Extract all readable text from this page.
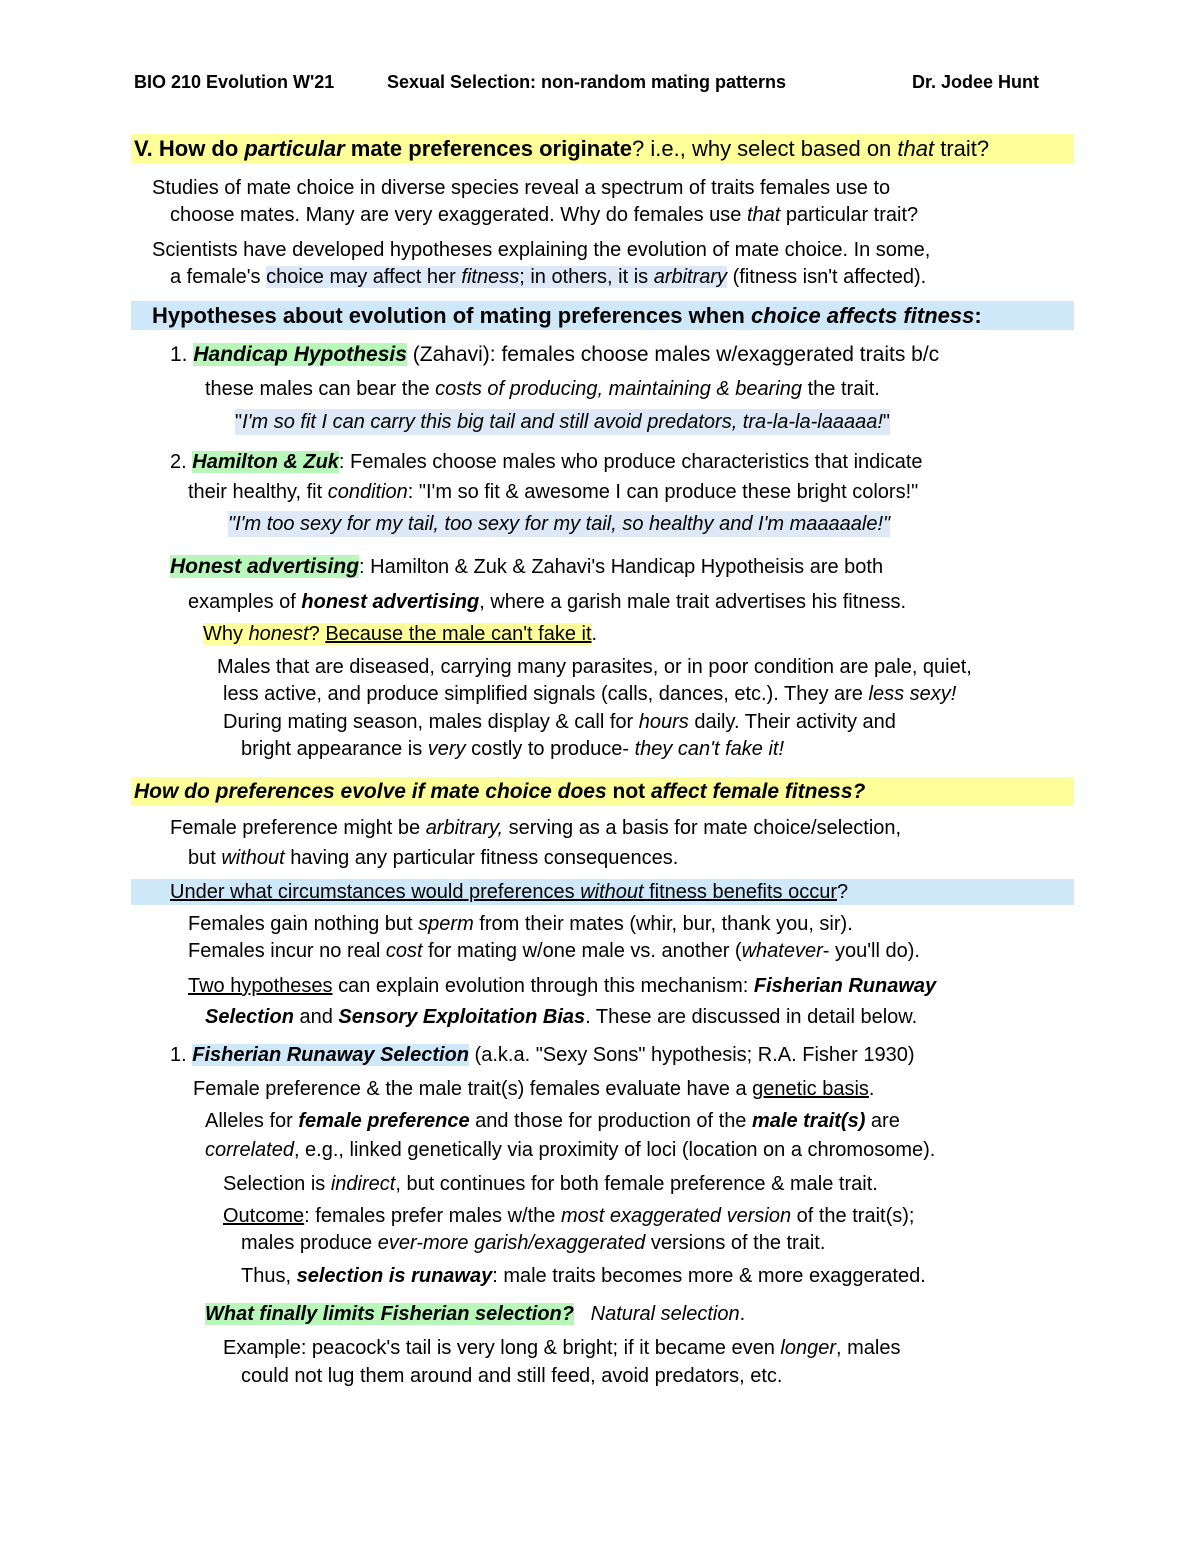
BIO 210 Evolution W'21	Sexual Selection: non-random mating patterns	Dr. Jodee Hunt
V. How do particular mate preferences originate? i.e., why select based on that trait?
Studies of mate choice in diverse species reveal a spectrum of traits females use to
choose mates. Many are very exaggerated. Why do females use that particular trait?
Scientists have developed hypotheses explaining the evolution of mate choice. In some,
a female's choice may affect her fitness; in others, it is arbitrary (fitness isn't affected).
Hypotheses about evolution of mating preferences when choice affects fitness:
1. Handicap Hypothesis (Zahavi): females choose males w/exaggerated traits b/c
these males can bear the costs of producing, maintaining & bearing the trait.
"I'm so fit I can carry this big tail and still avoid predators, tra-la-la-laaaaa!"
2. Hamilton & Zuk: Females choose males who produce characteristics that indicate
their healthy, fit condition: "I'm so fit & awesome I can produce these bright colors!"
"I'm too sexy for my tail, too sexy for my tail, so healthy and I'm maaaaale!"
Honest advertising: Hamilton & Zuk & Zahavi's Handicap Hypotheisis are both
examples of honest advertising, where a garish male trait advertises his fitness.
Why honest? Because the male can't fake it.
Males that are diseased, carrying many parasites, or in poor condition are pale, quiet,
less active, and produce simplified signals (calls, dances, etc.). They are less sexy!
During mating season, males display & call for hours daily. Their activity and
bright appearance is very costly to produce- they can't fake it!
How do preferences evolve if mate choice does not affect female fitness?
Female preference might be arbitrary, serving as a basis for mate choice/selection,
but without having any particular fitness consequences.
Under what circumstances would preferences without fitness benefits occur?
Females gain nothing but sperm from their mates (whir, bur, thank you, sir).
Females incur no real cost for mating w/one male vs. another (whatever- you'll do).
Two hypotheses can explain evolution through this mechanism: Fisherian Runaway
Selection and Sensory Exploitation Bias. These are discussed in detail below.
1. Fisherian Runaway Selection (a.k.a. "Sexy Sons" hypothesis; R.A. Fisher 1930)
Female preference & the male trait(s) females evaluate have a genetic basis.
Alleles for female preference and those for production of the male trait(s) are
correlated, e.g., linked genetically via proximity of loci (location on a chromosome).
Selection is indirect, but continues for both female preference & male trait.
Outcome: females prefer males w/the most exaggerated version of the trait(s);
males produce ever-more garish/exaggerated versions of the trait.
Thus, selection is runaway: male traits becomes more & more exaggerated.
What finally limits Fisherian selection? Natural selection.
Example: peacock's tail is very long & bright; if it became even longer, males
could not lug them around and still feed, avoid predators, etc.
